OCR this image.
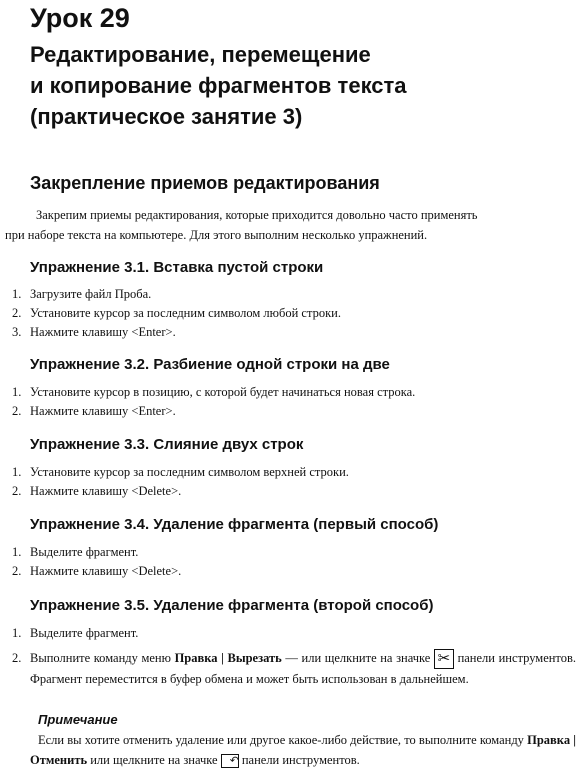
Урок 29
Редактирование, перемещение
и копирование фрагментов текста
(практическое занятие 3)
Закрепление приемов редактирования
Закрепим приемы редактирования, которые приходится довольно часто применять
при наборе текста на компьютере. Для этого выполним несколько упражнений.
Упражнение 3.1. Вставка пустой строки
1. Загрузите файл Проба.
2. Установите курсор за последним символом любой строки.
3. Нажмите клавишу <Enter>.
Упражнение 3.2. Разбиение одной строки на две
1. Установите курсор в позицию, с которой будет начинаться новая строка.
2. Нажмите клавишу <Enter>.
Упражнение 3.3. Слияние двух строк
1. Установите курсор за последним символом верхней строки.
2. Нажмите клавишу <Delete>.
Упражнение 3.4. Удаление фрагмента (первый способ)
1. Выделите фрагмент.
2. Нажмите клавишу <Delete>.
Упражнение 3.5. Удаление фрагмента (второй способ)
1. Выделите фрагмент.
2. Выполните команду меню Правка | Вырезать — или щелкните на значке ✂ панели инструментов. Фрагмент переместится в буфер обмена и может быть использован в дальнейшем.
Примечание
Если вы хотите отменить удаление или другое какое-либо действие, то выполните команду Правка | Отменить или щелкните на значке ↶ панели инструментов.
